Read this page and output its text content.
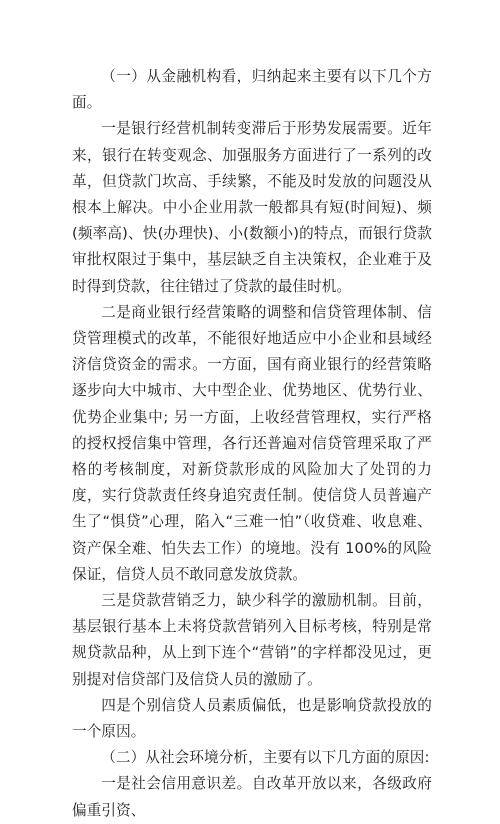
（一）从金融机构看，归纳起来主要有以下几个方面。

一是银行经营机制转变滞后于形势发展需要。近年来，银行在转变观念、加强服务方面进行了一系列的改革，但贷款门坎高、手续繁，不能及时发放的问题没从根本上解决。中小企业用款一般都具有短(时间短)、频(频率高)、快(办理快)、小(数额小)的特点，而银行贷款审批权限过于集中，基层缺乏自主决策权，企业难于及时得到贷款，往往错过了贷款的最佳时机。

二是商业银行经营策略的调整和信贷管理体制、信贷管理模式的改革，不能很好地适应中小企业和县域经济信贷资金的需求。一方面，国有商业银行的经营策略逐步向大中城市、大中型企业、优势地区、优势行业、优势企业集中; 另一方面，上收经营管理权，实行严格的授权授信集中管理，各行还普遍对信贷管理采取了严格的考核制度，对新贷款形成的风险加大了处罚的力度，实行贷款责任终身追究责任制。使信贷人员普遍产生了“惧贷”心理，陷入“三难一怕”（收贷难、收息难、资产保全难、怕失去工作）的境地。没有 100%的风险保证，信贷人员不敢同意发放贷款。

三是贷款营销乏力，缺少科学的激励机制。目前，基层银行基本上未将贷款营销列入目标考核，特别是常规贷款品种，从上到下连个“营销”的字样都没见过，更别提对信贷部门及信贷人员的激励了。

四是个别信贷人员素质偏低，也是影响贷款投放的一个原因。

（二）从社会环境分析，主要有以下几方面的原因:

一是社会信用意识差。自改革开放以来，各级政府偏重引资、
